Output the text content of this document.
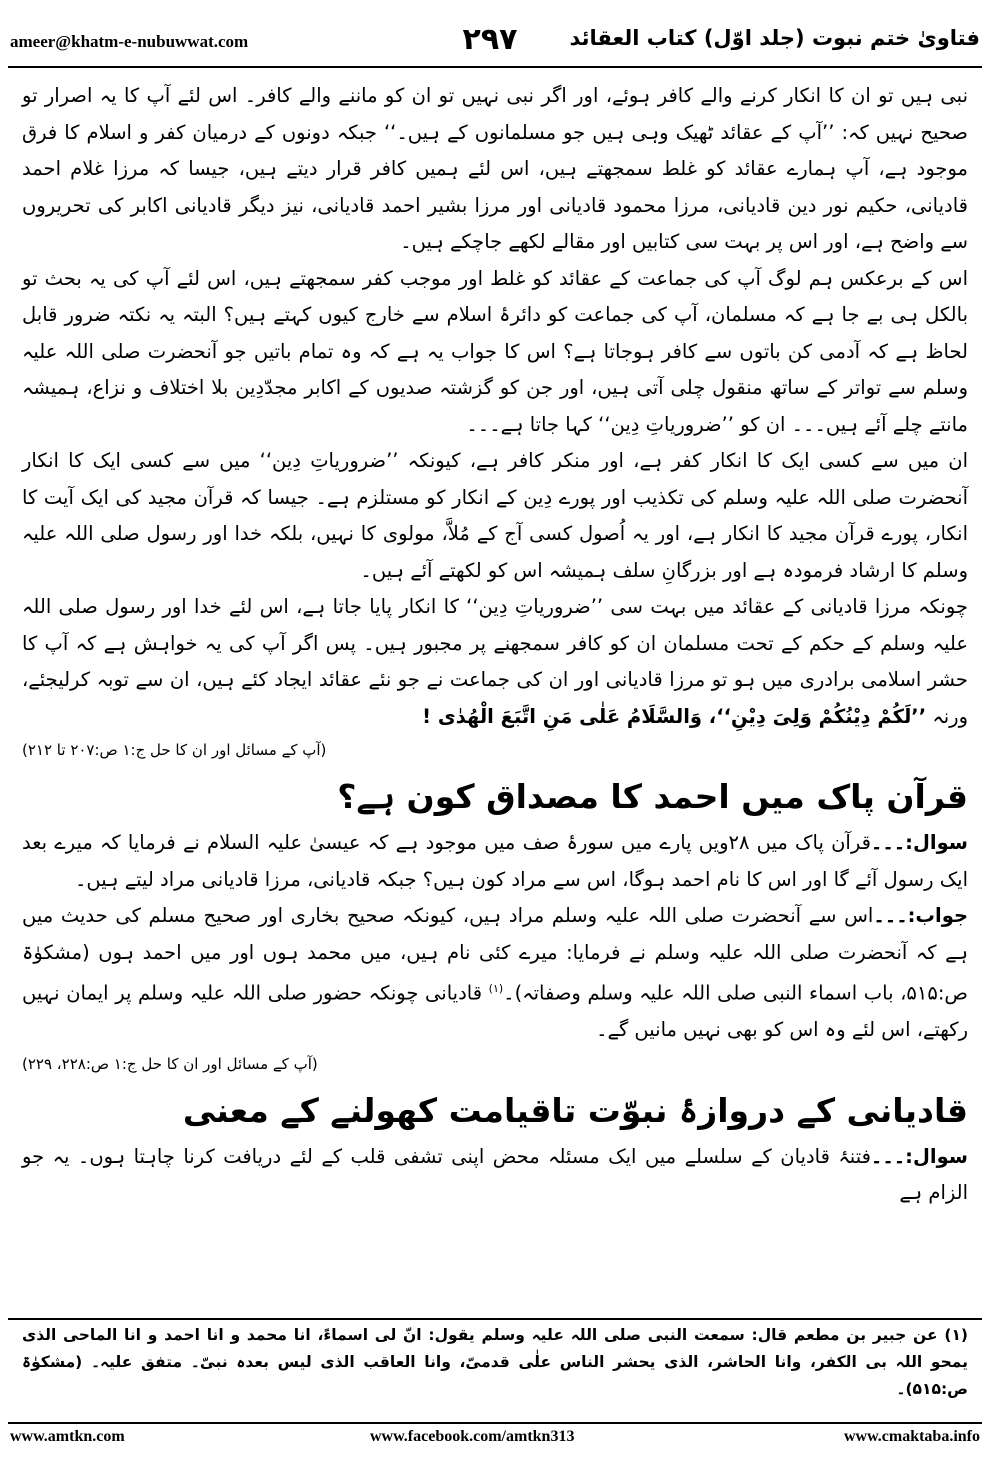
ameer@khatm-e-nubuwwat.com	۲۹۷	فتاویٰ ختم نبوت (جلد اوّل) کتاب العقائد

نبی ہیں تو ان کا انکار کرنے والے کافر ہوئے، اور اگر نبی نہیں تو ان کو ماننے والے کافر۔ اس لئے آپ کا یہ اصرار تو صحیح نہیں کہ: ’’آپ کے عقائد ٹھیک وہی ہیں جو مسلمانوں کے ہیں۔‘‘ جبکہ دونوں کے درمیان کفر و اسلام کا فرق موجود ہے، آپ ہمارے عقائد کو غلط سمجھتے ہیں، اس لئے ہمیں کافر قرار دیتے ہیں، جیسا کہ مرزا غلام احمد قادیانی، حکیم نور دین قادیانی، مرزا محمود قادیانی اور مرزا بشیر احمد قادیانی، نیز دیگر قادیانی اکابر کی تحریروں سے واضح ہے، اور اس پر بہت سی کتابیں اور مقالے لکھے جاچکے ہیں۔

اس کے برعکس ہم لوگ آپ کی جماعت کے عقائد کو غلط اور موجب کفر سمجھتے ہیں، اس لئے آپ کی یہ بحث تو بالکل ہی بے جا ہے کہ مسلمان، آپ کی جماعت کو دائرۂ اسلام سے خارج کیوں کہتے ہیں؟ البتہ یہ نکتہ ضرور قابل لحاظ ہے کہ آدمی کن باتوں سے کافر ہوجاتا ہے؟ اس کا جواب یہ ہے کہ وہ تمام باتیں جو آنحضرت صلی اللہ علیہ وسلم سے تواتر کے ساتھ منقول چلی آتی ہیں، اور جن کو گزشتہ صدیوں کے اکابر مجدّدِین بلا اختلاف و نزاع، ہمیشہ مانتے چلے آئے ہیں۔۔۔ ان کو ’’ضروریاتِ دِین‘‘ کہا جاتا ہے۔۔۔

ان میں سے کسی ایک کا انکار کفر ہے، اور منکر کافر ہے، کیونکہ ’’ضروریاتِ دِین‘‘ میں سے کسی ایک کا انکار آنحضرت صلی اللہ علیہ وسلم کی تکذیب اور پورے دِین کے انکار کو مستلزم ہے۔ جیسا کہ قرآن مجید کی ایک آیت کا انکار، پورے قرآن مجید کا انکار ہے، اور یہ اُصول کسی آج کے مُلاَّ، مولوی کا نہیں، بلکہ خدا اور رسول صلی اللہ علیہ وسلم کا ارشاد فرمودہ ہے اور بزرگانِ سلف ہمیشہ اس کو لکھتے آئے ہیں۔

چونکہ مرزا قادیانی کے عقائد میں بہت سی ’’ضروریاتِ دِین‘‘ کا انکار پایا جاتا ہے، اس لئے خدا اور رسول صلی اللہ علیہ وسلم کے حکم کے تحت مسلمان ان کو کافر سمجھنے پر مجبور ہیں۔ پس اگر آپ کی یہ خواہش ہے کہ آپ کا حشر اسلامی برادری میں ہو تو مرزا قادیانی اور ان کی جماعت نے جو نئے عقائد ایجاد کئے ہیں، ان سے توبہ کرلیجئے، ورنہ ’’لَکُمْ دِیْنُکُمْ وَلِیَ دِیْنِ‘‘، وَالسَّلَامُ عَلٰی مَنِ اتَّبَعَ الْھُدٰی !

(آپ کے مسائل اور ان کا حل ج:۱ ص:۲۰۷ تا ۲۱۲)

قرآن پاک میں احمد کا مصداق کون ہے؟

سوال:۔۔۔قرآن پاک میں ۲۸ویں پارے میں سورۂ صف میں موجود ہے کہ عیسیٰ علیہ السلام نے فرمایا کہ میرے بعد ایک رسول آئے گا اور اس کا نام احمد ہوگا، اس سے مراد کون ہیں؟ جبکہ قادیانی، مرزا قادیانی مراد لیتے ہیں۔

جواب:۔۔۔اس سے آنحضرت صلی اللہ علیہ وسلم مراد ہیں، کیونکہ صحیح بخاری اور صحیح مسلم کی حدیث میں ہے کہ آنحضرت صلی اللہ علیہ وسلم نے فرمایا: میرے کئی نام ہیں، میں محمد ہوں اور میں احمد ہوں (مشکوٰۃ ص:۵۱۵، باب اسماء النبی صلی اللہ علیہ وسلم وصفاتہ)۔$^{(۱)}$ قادیانی چونکہ حضور صلی اللہ علیہ وسلم پر ایمان نہیں رکھتے، اس لئے وہ اس کو بھی نہیں مانیں گے۔

(آپ کے مسائل اور ان کا حل ج:۱ ص:۲۲۸، ۲۲۹)

قادیانی کے دروازۂ نبوّت تاقیامت کھولنے کے معنی

سوال:۔۔۔فتنۂ قادیان کے سلسلے میں ایک مسئلہ محض اپنی تشفی قلب کے لئے دریافت کرنا چاہتا ہوں۔ یہ جو الزام ہے

(۱) عن جبیر بن مطعم قال: سمعت النبی صلی اللہ علیہ وسلم یقول: انّ لی اسماءً، انا محمد و انا احمد و انا الماحی الذی یمحو اللہ بی الکفر، وانا الحاشر، الذی یحشر الناس علٰی قدمیّ، وانا العاقب الذی لیس بعدہ نبیّ۔ متفق علیہ۔ (مشکوٰۃ ص:۵۱۵)۔

www.amtkn.com	www.facebook.com/amtkn313	www.cmaktaba.info
